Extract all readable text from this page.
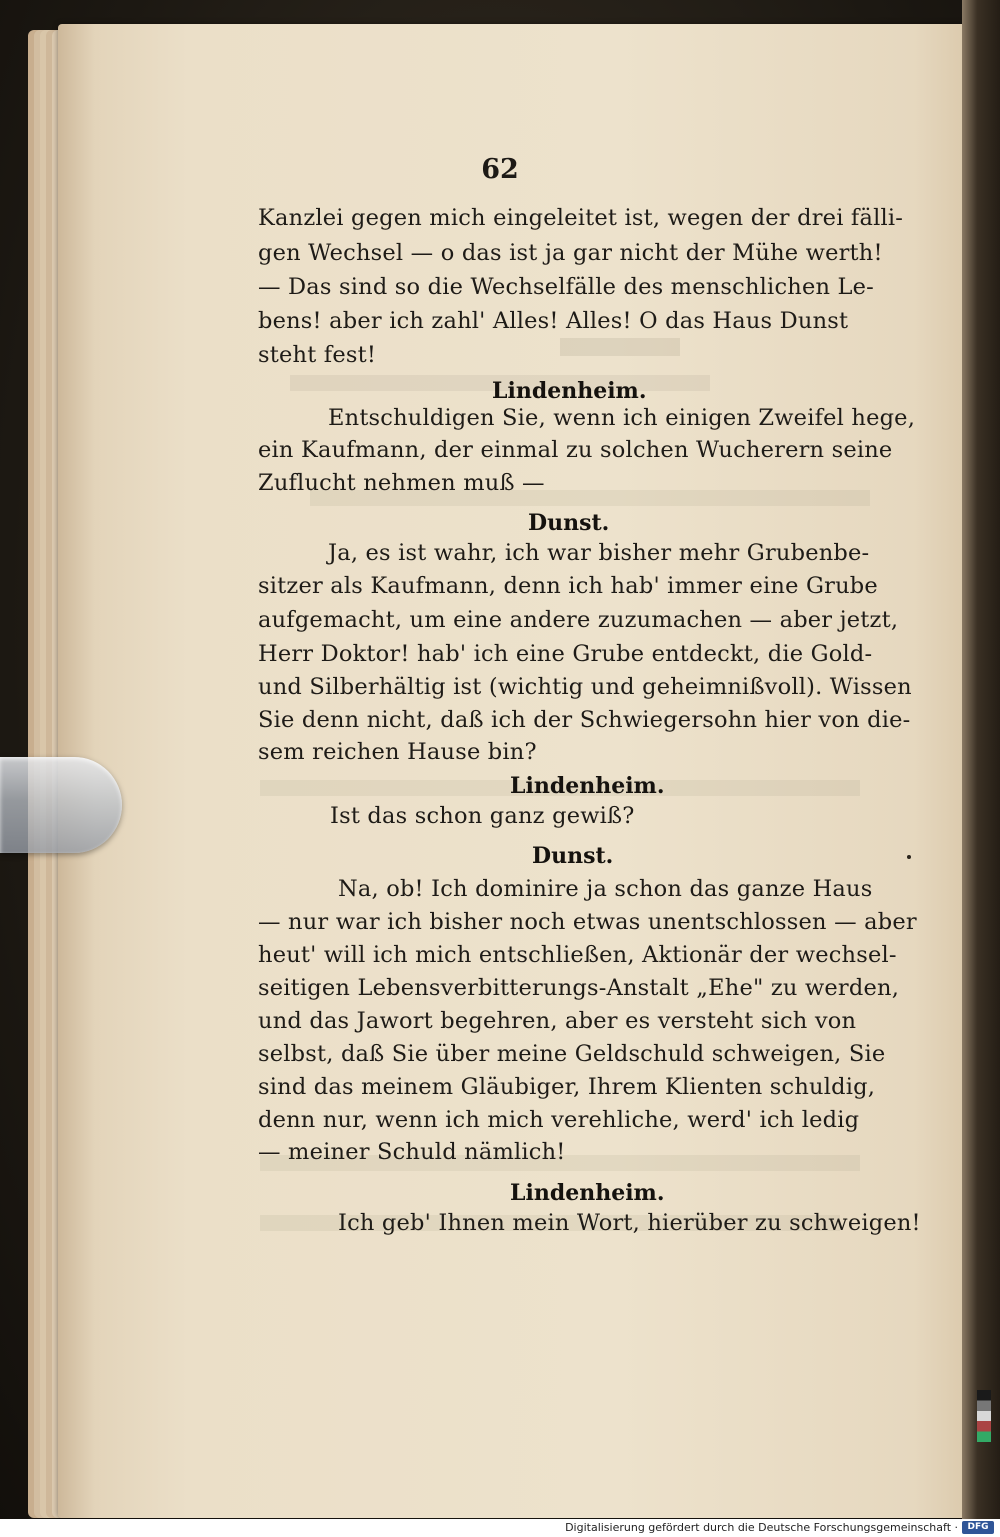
62
Kanzlei gegen mich eingeleitet ist, wegen der drei fälli-
gen Wechsel — o das ist ja gar nicht der Mühe werth!
— Das sind so die Wechselfälle des menschlichen Le-
bens! aber ich zahl' Alles! Alles! O das Haus Dunst
steht fest!
Lindenheim.
Entschuldigen Sie, wenn ich einigen Zweifel hege,
ein Kaufmann, der einmal zu solchen Wucherern seine
Zuflucht nehmen muß —
Dunst.
Ja, es ist wahr, ich war bisher mehr Grubenbe-
sitzer als Kaufmann, denn ich hab' immer eine Grube
aufgemacht, um eine andere zuzumachen — aber jetzt,
Herr Doktor! hab' ich eine Grube entdeckt, die Gold-
und Silberhältig ist (wichtig und geheimnißvoll). Wissen
Sie denn nicht, daß ich der Schwiegersohn hier von die-
sem reichen Hause bin?
Lindenheim.
Ist das schon ganz gewiß?
Dunst.
Na, ob! Ich dominire ja schon das ganze Haus
— nur war ich bisher noch etwas unentschlossen — aber
heut' will ich mich entschließen, Aktionär der wechsel-
seitigen Lebensverbitterungs-Anstalt „Ehe" zu werden,
und das Jawort begehren, aber es versteht sich von
selbst, daß Sie über meine Geldschuld schweigen, Sie
sind das meinem Gläubiger, Ihrem Klienten schuldig,
denn nur, wenn ich mich verehliche, werd' ich ledig
— meiner Schuld nämlich!
Lindenheim.
Ich geb' Ihnen mein Wort, hierüber zu schweigen!
Digitalisierung gefördert durch die Deutsche Forschungsgemeinschaft ·	DFG
